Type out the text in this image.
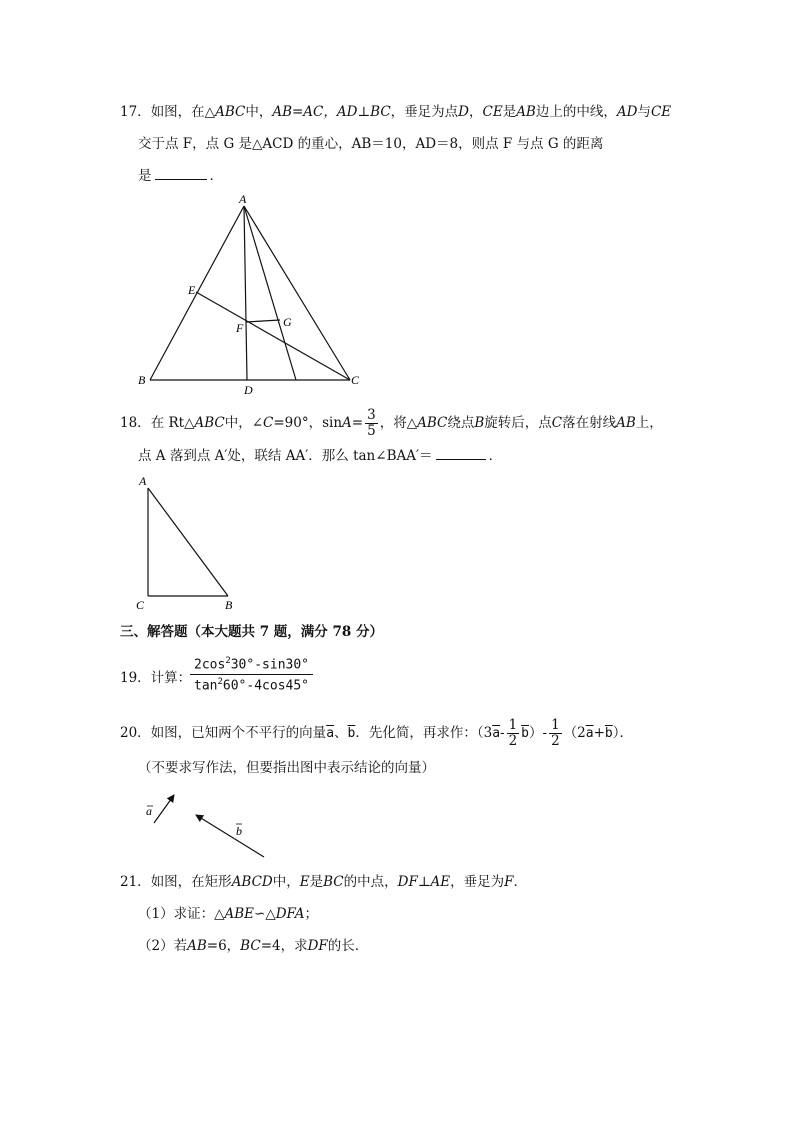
17．如图，在△ABC中，AB=AC，AD⊥BC，垂足为点D，CE是AB边上的中线，AD与CE
交于点 F，点 G 是△ACD 的重心，AB＝10，AD＝8，则点 F 与点 G 的距离
是	．
A
B	C
D
E
F	G
18．在 Rt△ABC中，∠C=90°，$\sin A= \frac{3}{5}$ ，将△ABC绕点B旋转后，点C落在射线AB上，
点 A 落到点 A′处，联结 AA′．那么 tan∠BAA′＝	．
A
C	B
三、解答题（本大题共 7 题，满分 78 分）
19．计算：
$\frac{2\cos^230^\circ-\sin 30^\circ}{\tan^260^\circ-4\cos 45^\circ}$
20．如图，已知两个不平行的向量$\overline{a}$、$\overline{b}$．先化简，再求作：$(3\overline{a}- \frac{1}{2} \overline{b})- \frac{1}{2} (2\overline{a}+\overline{b})$．
（不要求写作法，但要指出图中表示结论的向量）
a
b
21．如图，在矩形ABCD中，E是BC的中点，DF⊥AE，垂足为F．
（1）求证：△ABE∽△DFA；
（2）若AB=6，BC=4，求DF的长．
